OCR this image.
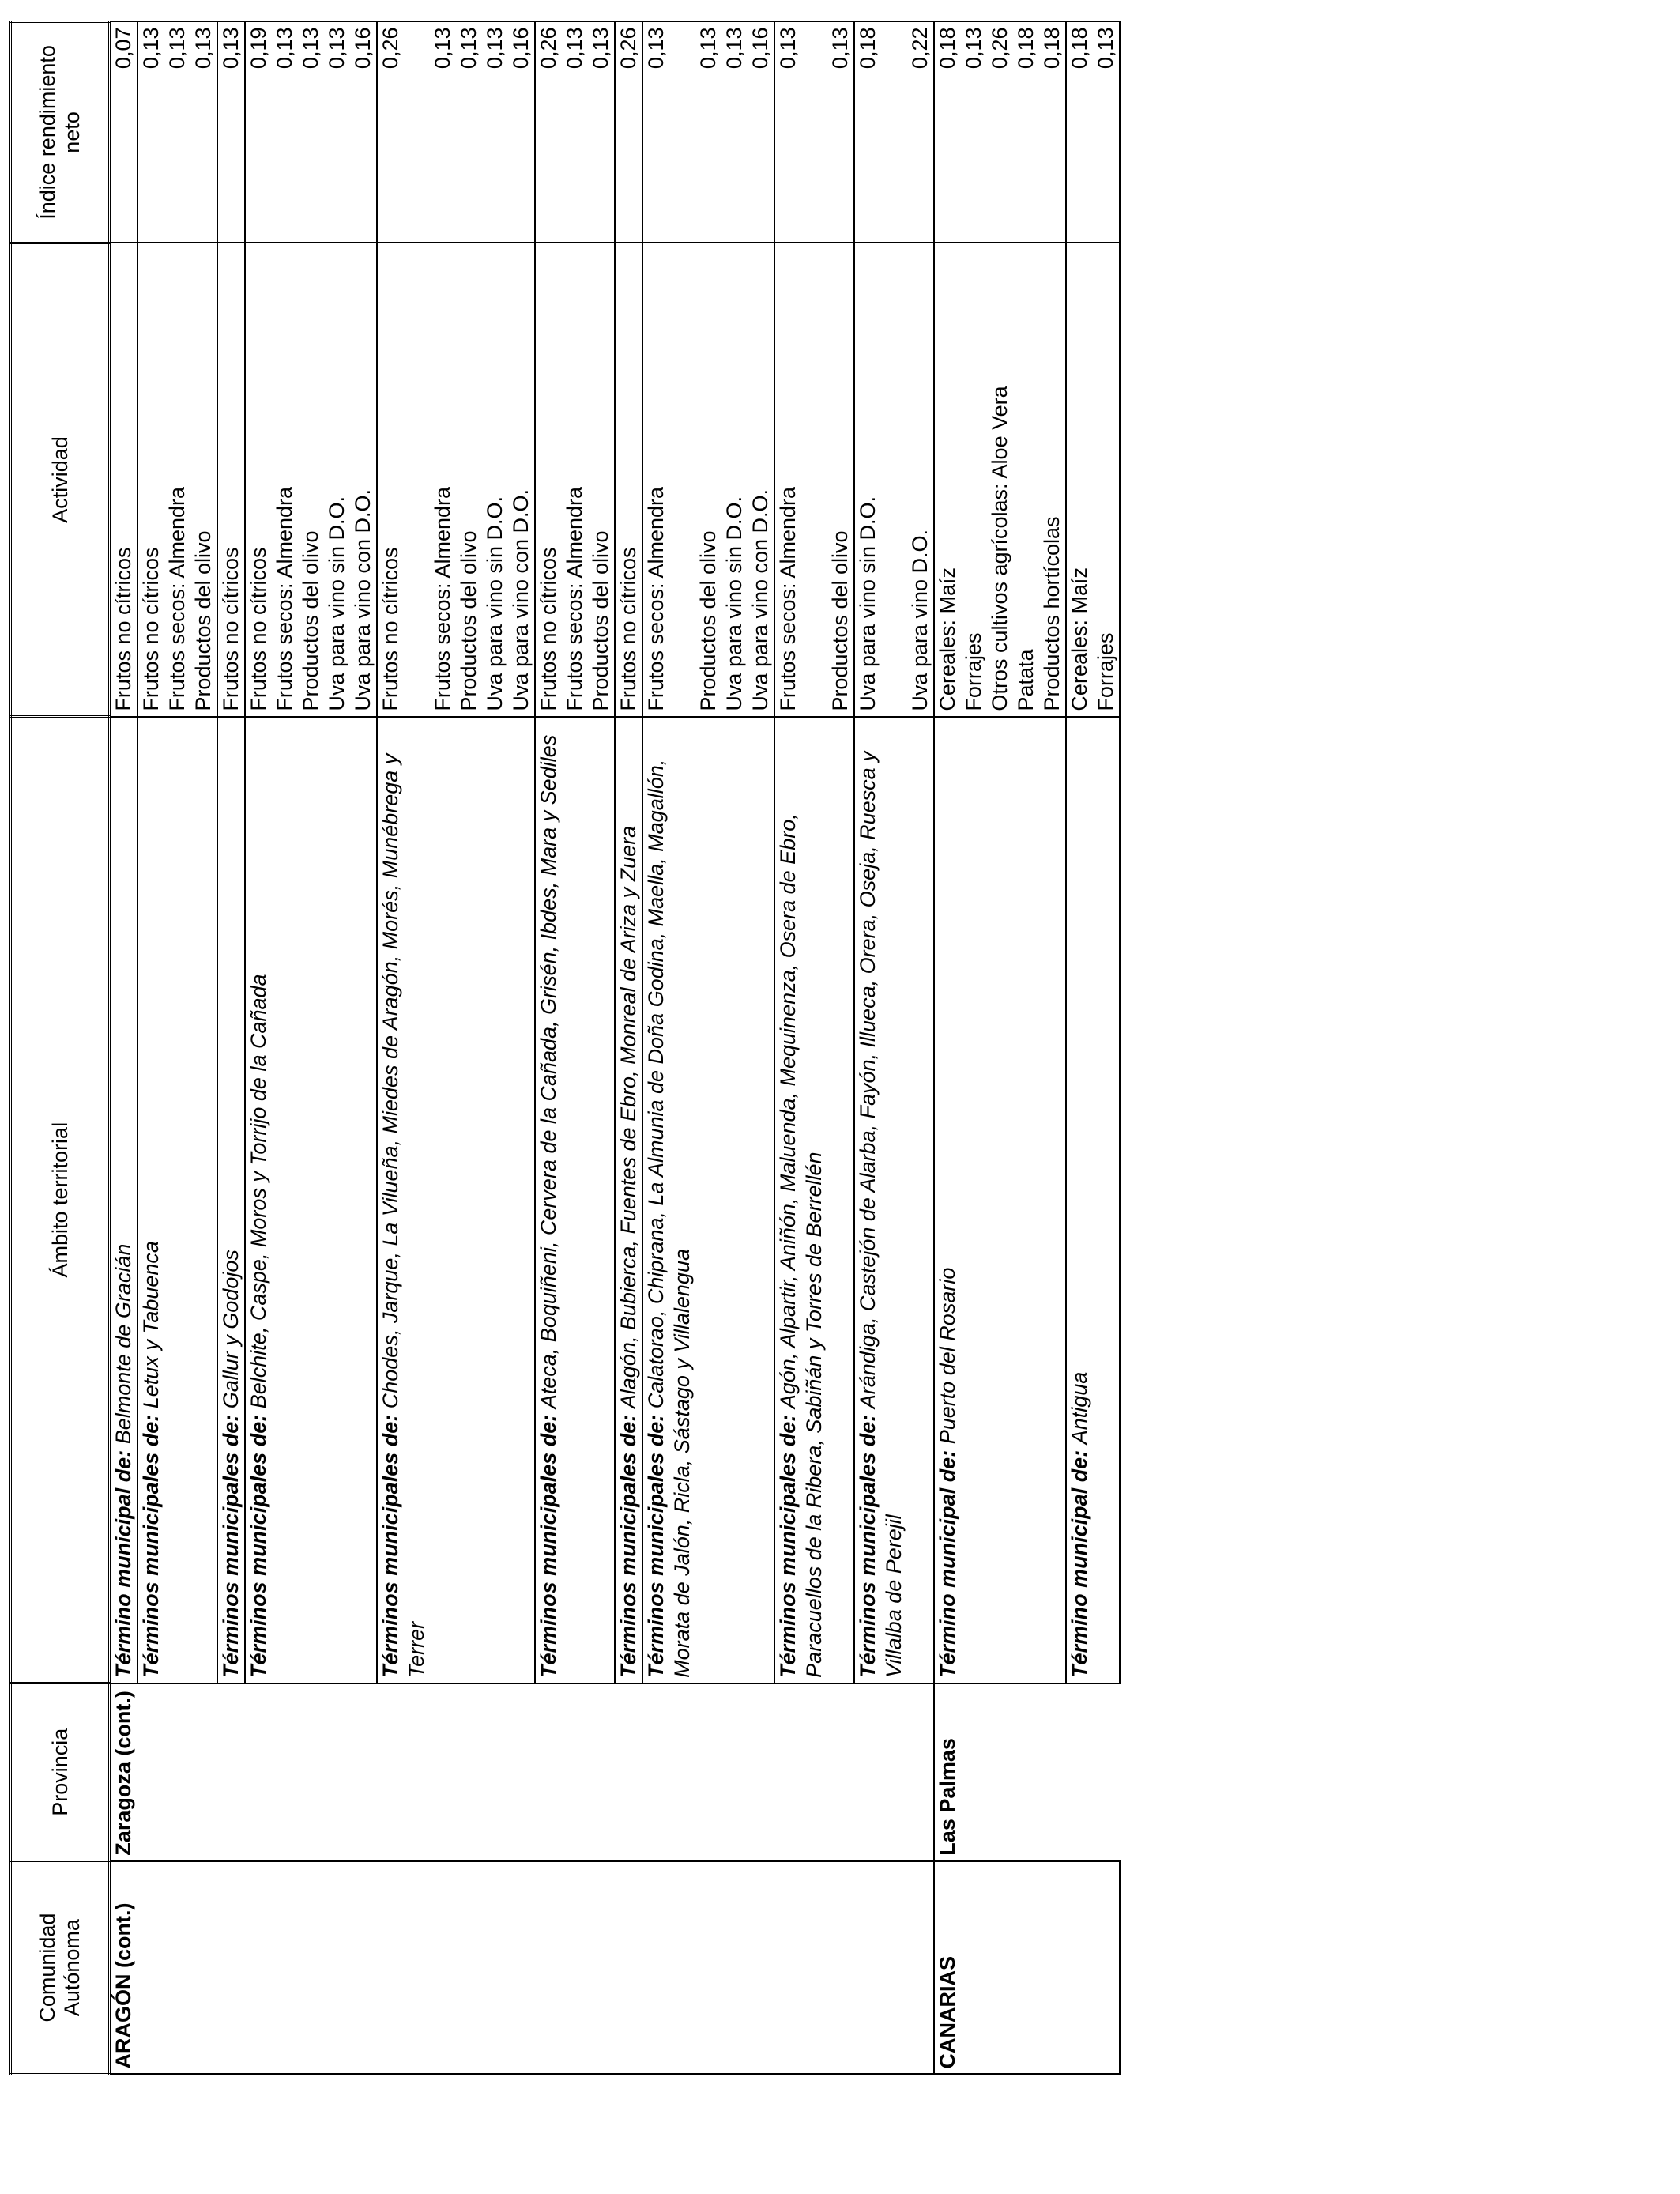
Comunidad Autónoma	Provincia	Ámbito territorial	Actividad	Índice rendimiento neto
ARAGÓN (cont.)	Zaragoza (cont.)	Término municipal de: Belmonte de Gracián	Frutos no cítricos	0,07
		Términos municipales de: Letux y Tabuenca	Frutos no cítricos	0,13
			Frutos secos: Almendra	0,13
			Productos del olivo	0,13
		Términos municipales de: Gallur y Godojos	Frutos no cítricos	0,13
		Términos municipales de: Belchite, Caspe, Moros y Torrijo de la Cañada	Frutos no cítricos	0,19
			Frutos secos: Almendra	0,13
			Productos del olivo	0,13
			Uva para vino sin D.O.	0,13
			Uva para vino con D.O.	0,16
		Términos municipales de: Chodes, Jarque, La Vilueña, Miedes de Aragón, Morés, Munébrega y Terrer	Frutos no cítricos	0,26
			Frutos secos: Almendra	0,13
			Productos del olivo	0,13
			Uva para vino sin D.O.	0,13
			Uva para vino con D.O.	0,16
		Términos municipales de: Ateca, Boquiñeni, Cervera de la Cañada, Grisén, Ibdes, Mara y Sediles	Frutos no cítricos	0,26
			Frutos secos: Almendra	0,13
			Productos del olivo	0,13
		Términos municipales de: Alagón, Bubierca, Fuentes de Ebro, Monreal de Ariza y Zuera	Frutos no cítricos	0,26
		Términos municipales de: Calatorao, Chiprana, La Almunia de Doña Godina, Maella, Magallón, Morata de Jalón, Ricla, Sástago y Villalengua	Frutos secos: Almendra	0,13
			Productos del olivo	0,13
			Uva para vino sin D.O.	0,13
			Uva para vino con D.O.	0,16
		Términos municipales de: Agón, Alpartir, Aniñón, Maluenda, Mequinenza, Osera de Ebro, Paracuellos de la Ribera, Sabiñán y Torres de Berrellén	Frutos secos: Almendra	0,13
			Productos del olivo	0,13
		Términos municipales de: Arándiga, Castejón de Alarba, Fayón, Illueca, Orera, Oseja, Ruesca y Villalba de Perejil	Uva para vino sin D.O.	0,18
			Uva para vino D.O.	0,22
CANARIAS	Las Palmas	Término municipal de: Puerto del Rosario	Cereales: Maíz	0,18
			Forrajes	0,13
			Otros cultivos agrícolas: Aloe Vera	0,26
			Patata	0,18
			Productos hortícolas	0,18
		Término municipal de: Antigua	Cereales: Maíz	0,18
			Forrajes	0,13
